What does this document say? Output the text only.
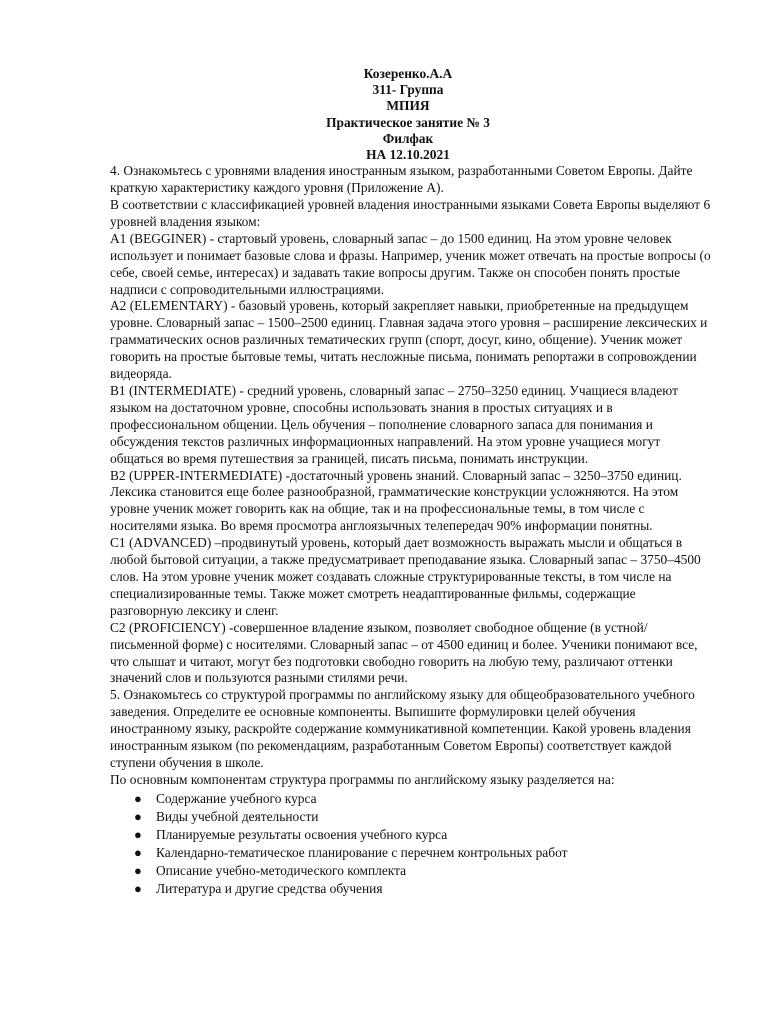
Козеренко.А.А
311- Группа
МПИЯ
Практическое занятие № 3
Филфак
НА 12.10.2021

4. Ознакомьтесь с уровнями владения иностранным языком, разработанными Советом Европы. Дайте краткую характеристику каждого уровня (Приложение А).

В соответствии с классификацией уровней владения иностранными языками Совета Европы выделяют 6 уровней владения языком:

A1 (BEGGINER) - стартовый уровень, словарный запас – до 1500 единиц. На этом уровне человек использует и понимает базовые слова и фразы. Например, ученик может отвечать на простые вопросы (о себе, своей семье, интересах) и задавать такие вопросы другим. Также он способен понять простые надписи с сопроводительными иллюстрациями.

A2 (ELEMENTARY) - базовый уровень, который закрепляет навыки, приобретенные на предыдущем уровне. Словарный запас – 1500–2500 единиц. Главная задача этого уровня – расширение лексических и грамматических основ различных тематических групп (спорт, досуг, кино, общение). Ученик может говорить на простые бытовые темы, читать несложные письма, понимать репортажи в сопровождении видеоряда.

B1 (INTERMEDIATE) - средний уровень, словарный запас – 2750–3250 единиц. Учащиеся владеют языком на достаточном уровне, способны использовать знания в простых ситуациях и в профессиональном общении. Цель обучения – пополнение словарного запаса для понимания и обсуждения текстов различных информационных направлений. На этом уровне учащиеся могут общаться во время путешествия за границей, писать письма, понимать инструкции.

B2 (UPPER-INTERMEDIATE) -достаточный уровень знаний. Словарный запас – 3250–3750 единиц. Лексика становится еще более разнообразной, грамматические конструкции усложняются. На этом уровне ученик может говорить как на общие, так и на профессиональные темы, в том числе с носителями языка. Во время просмотра англоязычных телепередач 90% информации понятны.

C1 (ADVANCED) –продвинутый уровень, который дает возможность выражать мысли и общаться в любой бытовой ситуации, а также предусматривает преподавание языка. Словарный запас – 3750–4500 слов. На этом уровне ученик может создавать сложные структурированные тексты, в том числе на специализированные темы. Также может смотреть неадаптированные фильмы, содержащие разговорную лексику и сленг.

C2 (PROFICIENCY) -совершенное владение языком, позволяет свободное общение (в устной/письменной форме) с носителями. Словарный запас – от 4500 единиц и более. Ученики понимают все, что слышат и читают, могут без подготовки свободно говорить на любую тему, различают оттенки значений слов и пользуются разными стилями речи.

5. Ознакомьтесь со структурой программы по английскому языку для общеобразовательного учебного заведения. Определите ее основные компоненты. Выпишите формулировки целей обучения иностранному языку, раскройте содержание коммуникативной компетенции. Какой уровень владения иностранным языком (по рекомендациям, разработанным Советом Европы) соответствует каждой ступени обучения в школе.

По основным компонентам структура программы по английскому языку разделяется на:

● Содержание учебного курса
● Виды учебной деятельности
● Планируемые результаты освоения учебного курса
● Календарно-тематическое планирование с перечнем контрольных работ
● Описание учебно-методического комплекта
● Литература и другие средства обучения
